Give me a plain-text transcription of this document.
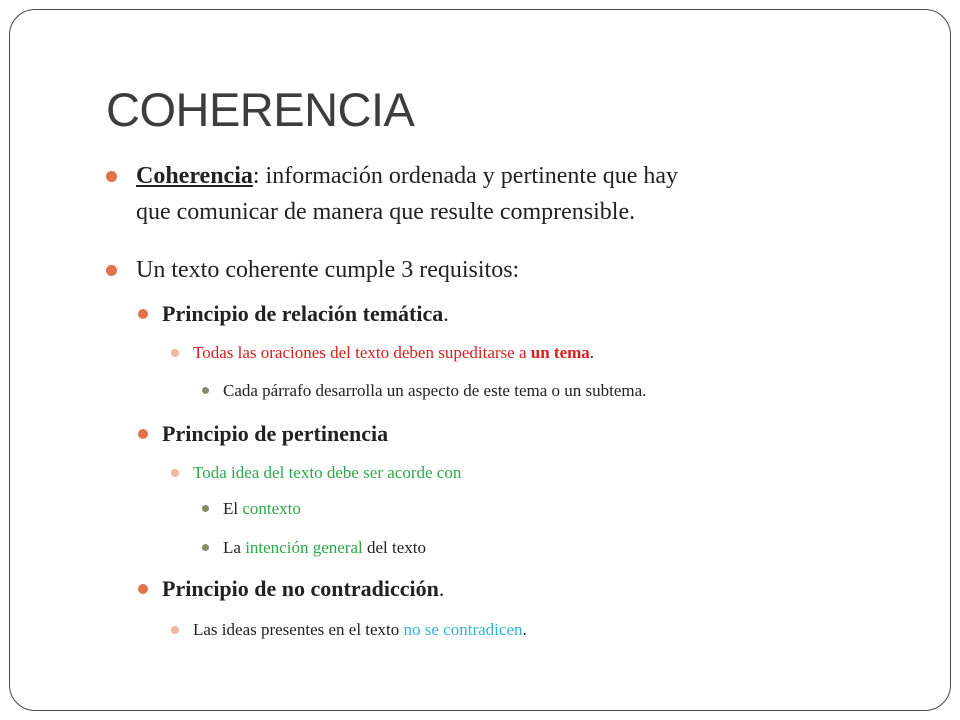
COHERENCIA
Coherencia: información ordenada y pertinente que hay
que comunicar de manera que resulte comprensible.
Un texto coherente cumple 3 requisitos:
Principio de relación temática.
Todas las oraciones del texto deben supeditarse a un tema.
Cada párrafo desarrolla un aspecto de este tema o un subtema.
Principio de pertinencia
Toda idea del texto debe ser acorde con
El contexto
La intención general del texto
Principio de no contradicción.
Las ideas presentes en el texto no se contradicen.
